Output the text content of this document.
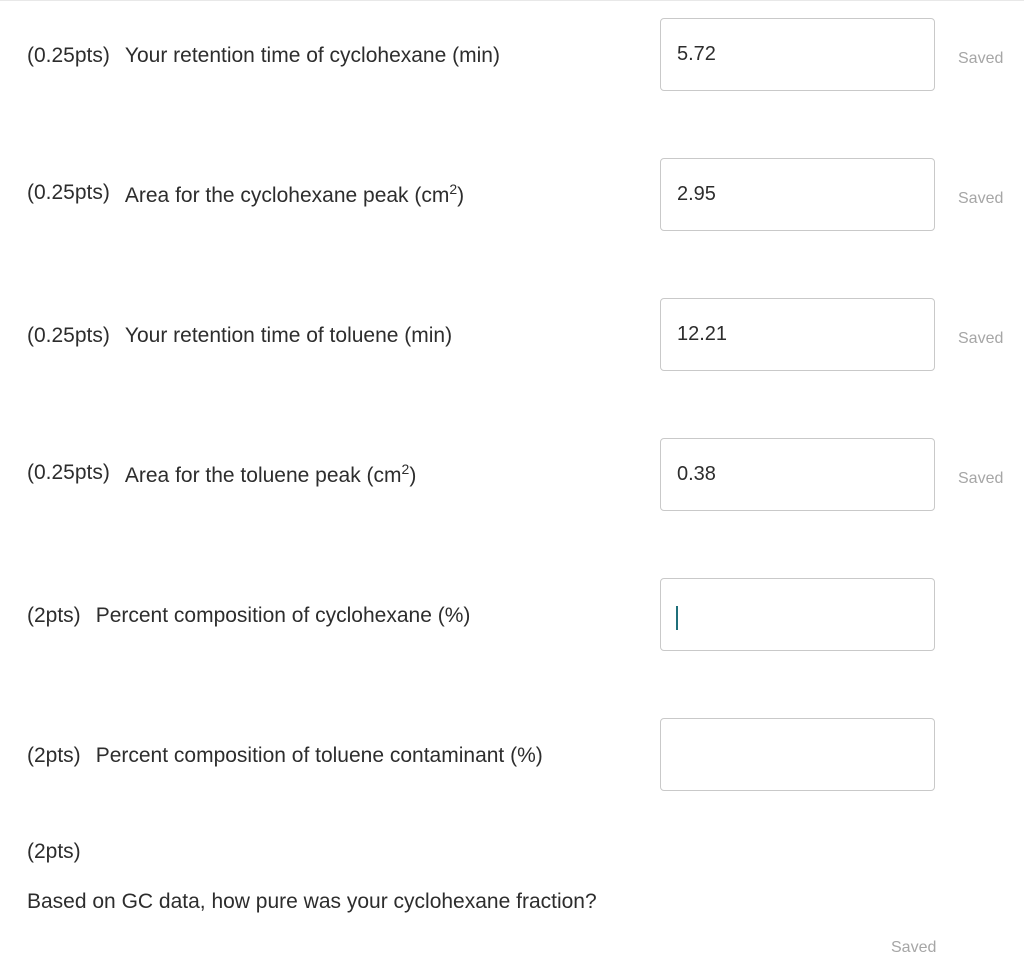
(0.25pts) Your retention time of cyclohexane (min)
5.72	Saved
(0.25pts) Area for the cyclohexane peak $(cm^2)$
2.95	Saved
(0.25pts) Your retention time of toluene (min)
12.21	Saved
(0.25pts) Area for the toluene peak $(cm^2)$
0.38	Saved
(2pts) Percent composition of cyclohexane (%)
(2pts) Percent composition of toluene contaminant (%)
(2pts)
Based on GC data, how pure was your cyclohexane fraction?
Saved
